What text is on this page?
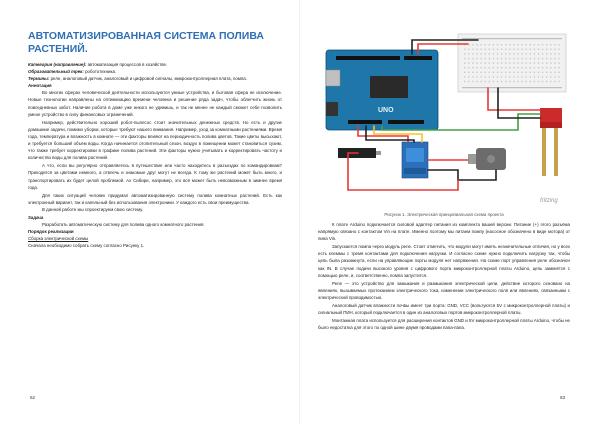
АВТОМАТИЗИРОВАННАЯ СИСТЕМА ПОЛИВА РАСТЕНИЙ.

Категория (направление): автоматизация процессов в хозяйстве.

Образовательный трек: робототехника.

Термины: реле, аналоговый датчик, аналоговый и цифровой сигналы, микроконтроллерная плата, помпа.

Аннотация

Во многих сферах человеческой деятельности используются умные устройства, и бытовая сфера не исключение. Новые технологии направлены на оптимизацию времени человека и решение ряда задач, чтобы облегчить жизнь от повседневных забот. Наличие робота в доме уже никого не удивишь, и так не менее не каждый сможет себе позволить умное устройство в силу финансовых ограничений.

Например, действительно хороший робот-пылесос стоит значительных денежных средств. Но есть и другие домашние задачи, помимо уборки, которые требуют нашего внимания. Например, уход за комнатными растениями. Время года, температура и влажность в комнате — эти факторы влияют на периодичность полива цветов. Такие цветы высыхают, и требуется больший объём воды. Когда начинается отопительный сезон, воздух в помещении может становиться сухим, что также требует корректировки в графике полива растений. Эти факторы нужно учитывать и корректировать частоту и количество воды для полива растений.

А что, если вы регулярно отправляетесь в путешествие или часто находитесь в разъездах по командировкам? Приходится за цветами немного, а отвлечь и знакомые друг могут не всегда. К тому же растений может быть много, и транспортировать их будет целой проблемой. Ах Сибири, например, это всё может быть невозможным в зимнее время года.

Для таких ситуаций человек придумал автоматизированную систему полива комнатных растений. Есть как электронный вариант, так и капельный без использования электроники. У каждого есть свои преимущества.

В данной работе мы спроектируем свою систему.

Задача

Разработать автоматическую систему для полива одного комнатного растения.

Порядок реализации

Сборка электрической схемы

Сначала необходимо собрать схему согласно Рисунку 1.

62
UNO
fritzing

Рисунок 1. Электрическая принципиальная схема проекта

К плате Arduino подключается силовой адаптер питания из комплекта вашей версии. Питание (+) этого разъёма напрямую связано с контактом Vin на плате. Именно поэтому мы питаем помпу (насосное обозначено в виде мотора) от пина Vin.

Запускается помпа через модуль реле. Стоит отметить, что модули могут иметь незначительные отличия, но у всех есть клеммы с тремя контактами для подключения нагрузки. И согласно схеме нужно подключить нагрузку так, чтобы цепь была разомкнута, если на управляющие порты модуля нет напряжения. На схеме порт управления реле обозначен как IN. В случае подачи высокого уровня с цифрового порта микроконтроллерной платы Arduino, цепь замкнётся с помощью реле, и, соответственно, помпа запустится.

Реле — это устройство для замыкания и размыкания электрической цепи, действие которого основано на явлениях, вызываемых протеканием электрического тока, изменении электрического поля или явлениях, связанными с электрической проводимостью.

Аналоговый датчик влажности почвы имеет три порта: GND, VCC (вольтуются 5V с микроконтроллерной платы) и сигнальный ПИН, который подключается в один из аналоговых портов микроконтроллерной платы.

Монтажная плата используется для расширения контактов GND и 5V микроконтроллерной платы Arduino, чтобы не было недостатка для этого по одной шине двумя проводами папа-папа.

63
